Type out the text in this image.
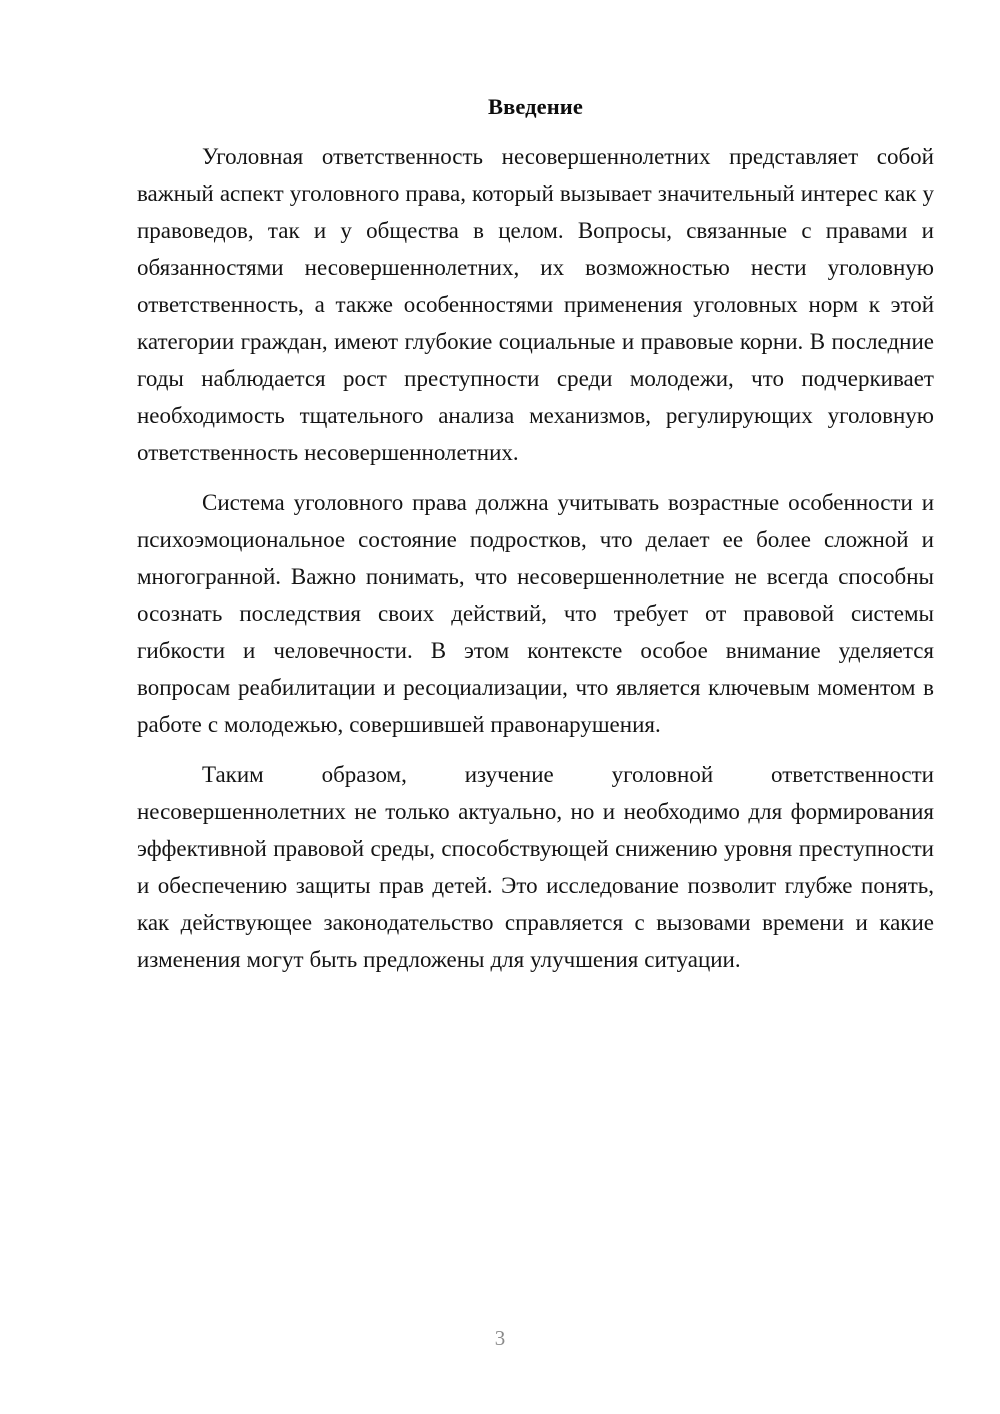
Введение

Уголовная ответственность несовершеннолетних представляет собой важный аспект уголовного права, который вызывает значительный интерес как у правоведов, так и у общества в целом. Вопросы, связанные с правами и обязанностями несовершеннолетних, их возможностью нести уголовную ответственность, а также особенностями применения уголовных норм к этой категории граждан, имеют глубокие социальные и правовые корни. В последние годы наблюдается рост преступности среди молодежи, что подчеркивает необходимость тщательного анализа механизмов, регулирующих уголовную ответственность несовершеннолетних.

Система уголовного права должна учитывать возрастные особенности и психоэмоциональное состояние подростков, что делает ее более сложной и многогранной. Важно понимать, что несовершеннолетние не всегда способны осознать последствия своих действий, что требует от правовой системы гибкости и человечности. В этом контексте особое внимание уделяется вопросам реабилитации и ресоциализации, что является ключевым моментом в работе с молодежью, совершившей правонарушения.

Таким образом, изучение уголовной ответственности несовершеннолетних не только актуально, но и необходимо для формирования эффективной правовой среды, способствующей снижению уровня преступности и обеспечению защиты прав детей. Это исследование позволит глубже понять, как действующее законодательство справляется с вызовами времени и какие изменения могут быть предложены для улучшения ситуации.

3
